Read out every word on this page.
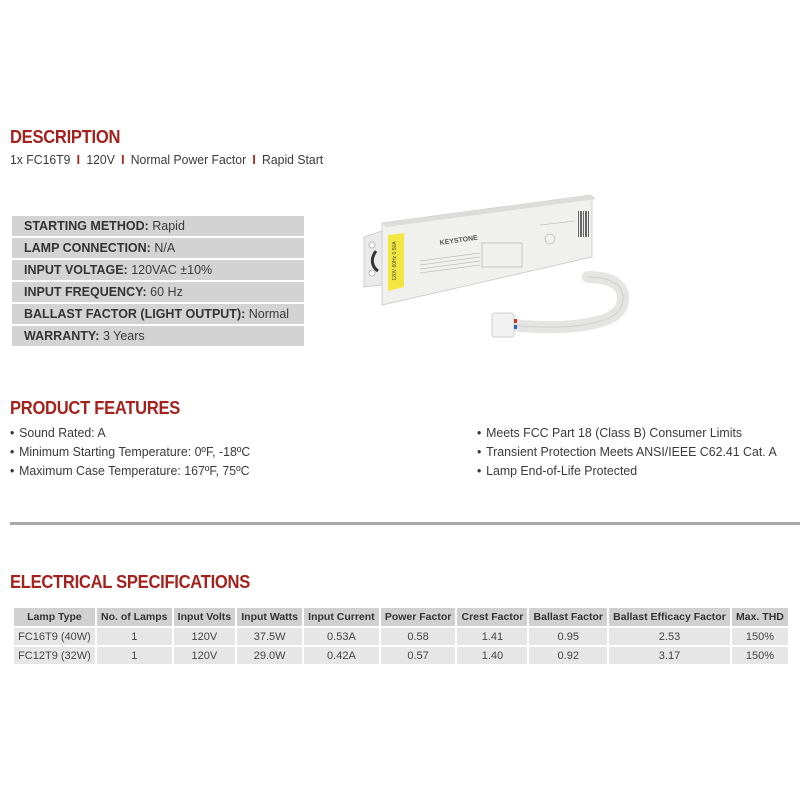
DESCRIPTION
1x FC16T9 I 120V I Normal Power Factor I Rapid Start
STARTING METHOD: Rapid
LAMP CONNECTION: N/A
INPUT VOLTAGE: 120VAC ±10%
INPUT FREQUENCY: 60 Hz
BALLAST FACTOR (LIGHT OUTPUT): Normal
WARRANTY: 3 Years
120V 60Hz 0.50A
KEYSTONE
PRODUCT FEATURES
• Sound Rated: A
• Minimum Starting Temperature: 0ºF, -18ºC
• Maximum Case Temperature: 167ºF, 75ºC
• Meets FCC Part 18 (Class B) Consumer Limits
• Transient Protection Meets ANSI/IEEE C62.41 Cat. A
• Lamp End-of-Life Protected
ELECTRICAL SPECIFICATIONS
Lamp Type	No. of Lamps	Input Volts	Input Watts	Input Current	Power Factor	Crest Factor	Ballast Factor	Ballast Efficacy Factor	Max. THD
FC16T9 (40W)	1	120V	37.5W	0.53A	0.58	1.41	0.95	2.53	150%
FC12T9 (32W)	1	120V	29.0W	0.42A	0.57	1.40	0.92	3.17	150%
